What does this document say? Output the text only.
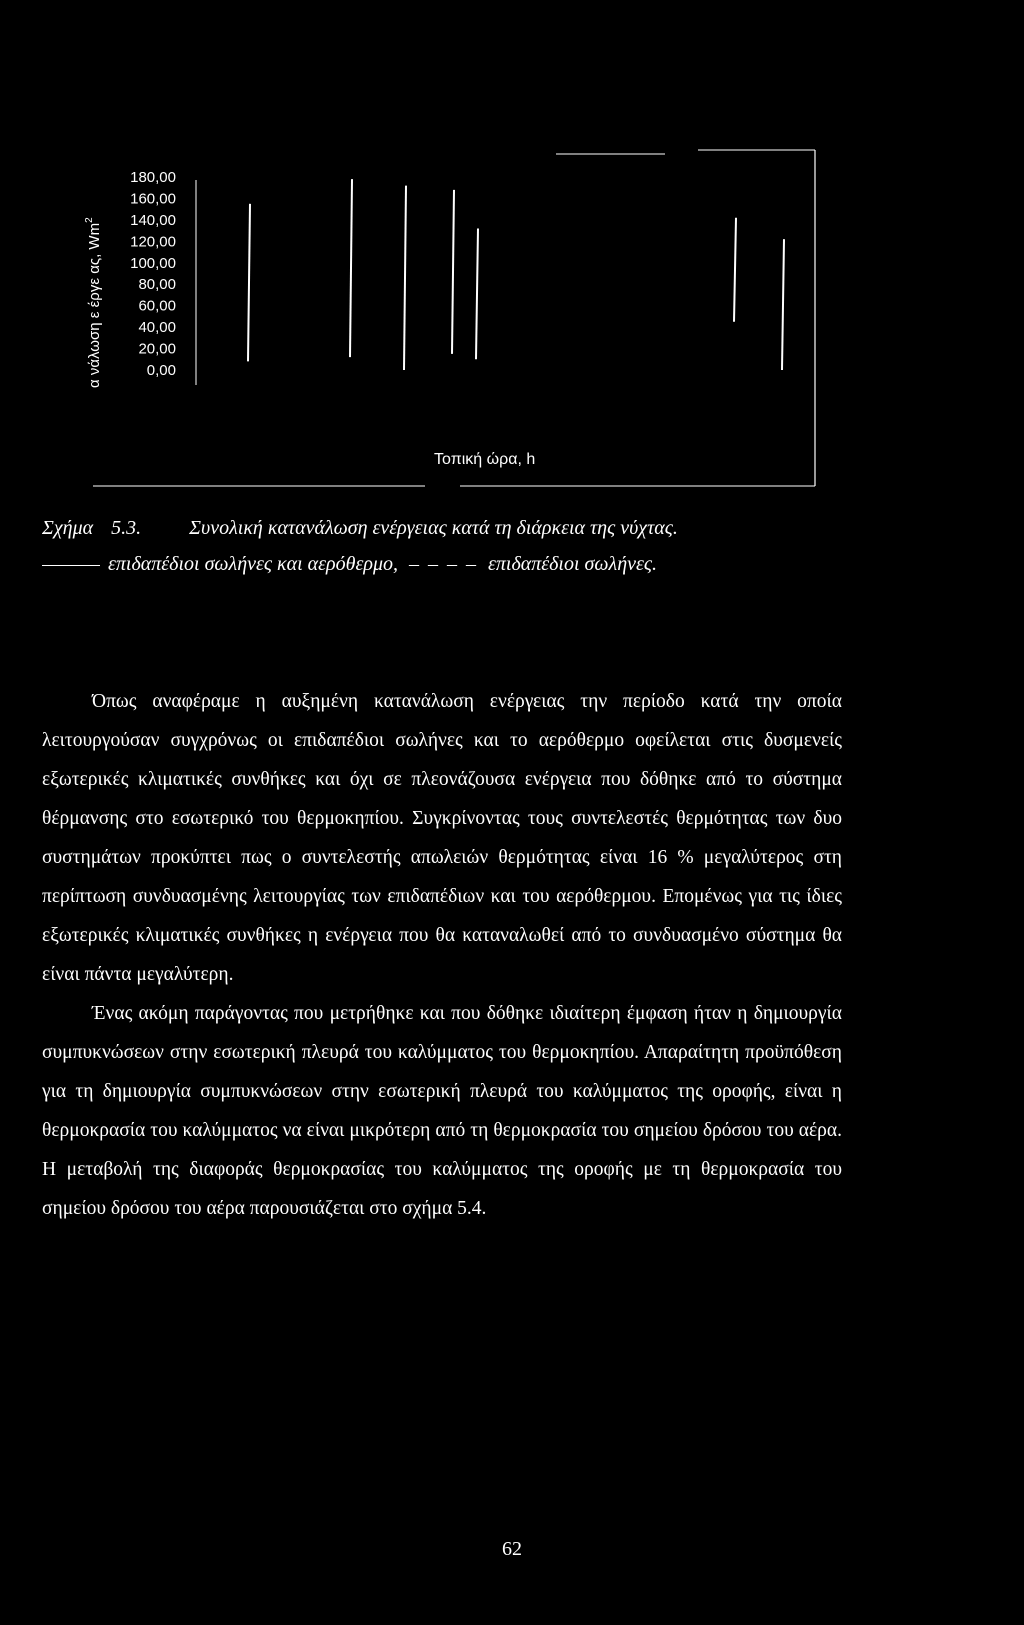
α νάλωση ε έργε ας, Wm$^2$
180,00
160,00
140,00
120,00
100,00
80,00
60,00
40,00
20,00
0,00
Τοπική ώρα, h
Σχήμα 5.3. Συνολική κατανάλωση ενέργειας κατά τη διάρκεια της νύχτας.
επιδαπέδιοι σωλήνες και αερόθερμο, – – – – επιδαπέδιοι σωλήνες.

Όπως αναφέραμε η αυξημένη κατανάλωση ενέργειας την περίοδο κατά την οποία λειτουργούσαν συγχρόνως οι επιδαπέδιοι σωλήνες και το αερόθερμο οφείλεται στις δυσμενείς εξωτερικές κλιματικές συνθήκες και όχι σε πλεονάζουσα ενέργεια που δόθηκε από το σύστημα θέρμανσης στο εσωτερικό του θερμοκηπίου. Συγκρίνοντας τους συντελεστές θερμότητας των δυο συστημάτων προκύπτει πως ο συντελεστής απωλειών θερμότητας είναι 16 % μεγαλύτερος στη περίπτωση συνδυασμένης λειτουργίας των επιδαπέδιων και του αερόθερμου. Επομένως για τις ίδιες εξωτερικές κλιματικές συνθήκες η ενέργεια που θα καταναλωθεί από το συνδυασμένο σύστημα θα είναι πάντα μεγαλύτερη.

Ένας ακόμη παράγοντας που μετρήθηκε και που δόθηκε ιδιαίτερη έμφαση ήταν η δημιουργία συμπυκνώσεων στην εσωτερική πλευρά του καλύμματος του θερμοκηπίου. Απαραίτητη προϋπόθεση για τη δημιουργία συμπυκνώσεων στην εσωτερική πλευρά του καλύμματος της οροφής, είναι η θερμοκρασία του καλύμματος να είναι μικρότερη από τη θερμοκρασία του σημείου δρόσου του αέρα. Η μεταβολή της διαφοράς θερμοκρασίας του καλύμματος της οροφής με τη θερμοκρασία του σημείου δρόσου του αέρα παρουσιάζεται στο σχήμα 5.4.

62
